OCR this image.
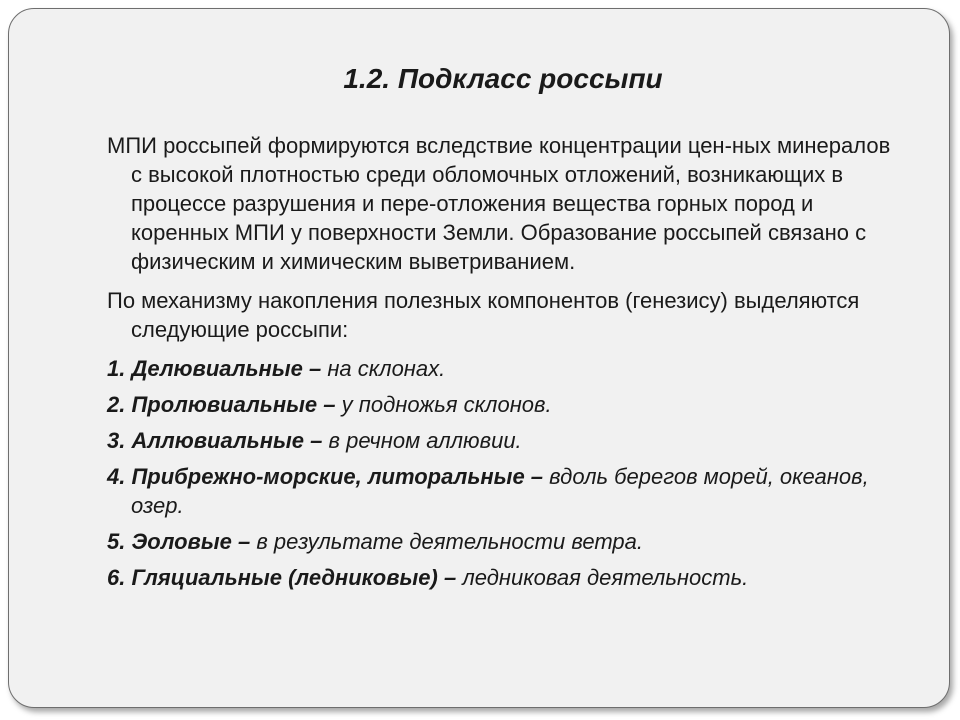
1.2. Подкласс россыпи

МПИ россыпей формируются вследствие концентрации цен-ных минералов с высокой плотностью среди обломочных отложений, возникающих в процессе разрушения и пере-отложения вещества горных пород и коренных МПИ у поверхности Земли. Образование россыпей связано с физическим и химическим выветриванием.

По механизму накопления полезных компонентов (генезису) выделяются следующие россыпи:

1. Делювиальные – на склонах.

2. Пролювиальные – у подножья склонов.

3. Аллювиальные – в речном аллювии.

4. Прибрежно-морские, литоральные – вдоль берегов морей, океанов, озер.

5. Эоловые – в результате деятельности ветра.

6. Гляциальные (ледниковые) – ледниковая деятельность.
